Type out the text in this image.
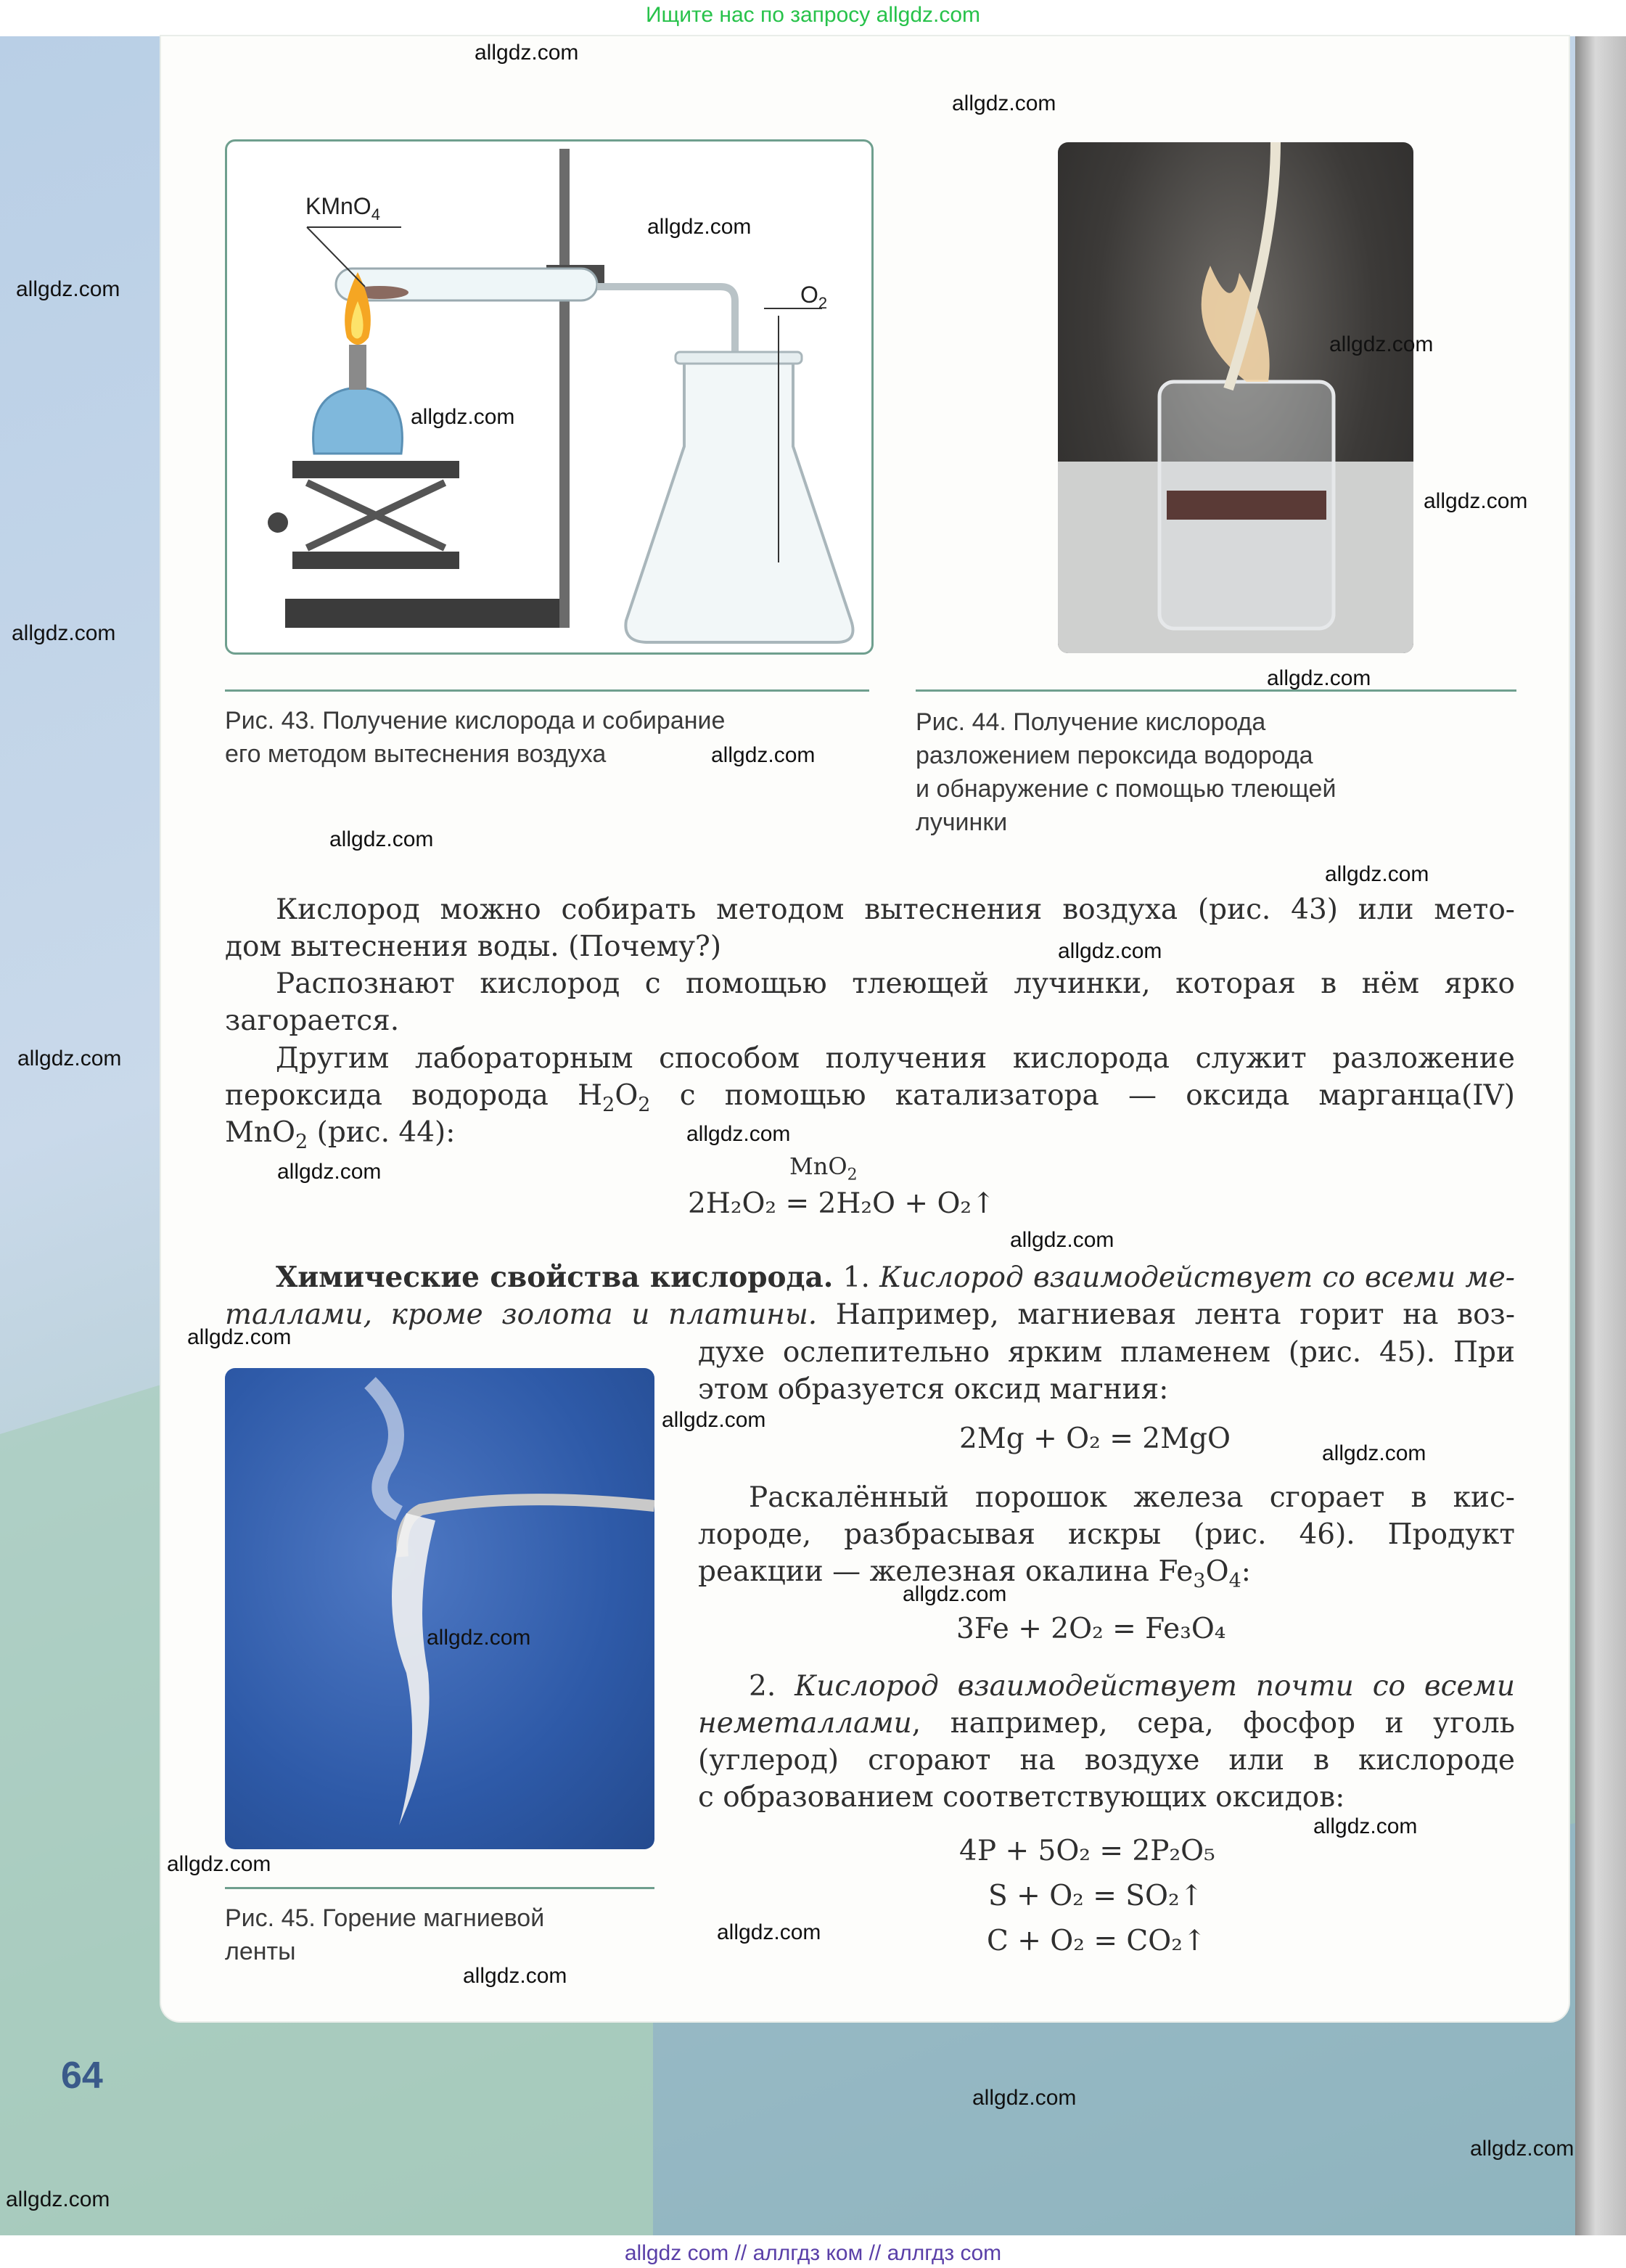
Ищите нас по запросу allgdz.com
KMnO$_4$
$O_2$
Рис. 43. Получение кислорода и собирание
его методом вытеснения воздуха
Рис. 44. Получение кислорода
разложением пероксида водорода
и обнаружение с помощью тлеющей
лучинки
Кислород можно собирать методом вытеснения воздуха (рис. 43) или мето-
дом вытеснения воды. (Почему?)
Распознают кислород с помощью тлеющей лучинки, которая в нём ярко
загорается.
Другим лабораторным способом получения кислорода служит разложение
пероксида водорода $H_2O_2$ с помощью катализатора — оксида марганца(IV)
MnO$_2$ (рис. 44):
MnO$_2$
2H₂O₂ = 2H₂O + O₂↑
Химические свойства кислорода. 1. Кислород взаимодействует со всеми ме-
таллами, кроме золота и платины. Например, магниевая лента горит на воз-
духе ослепительно ярким пламенем (рис. 45). При
этом образуется оксид магния:
Рис. 45. Горение магниевой
ленты
2Mg + O₂ = 2MgO
Раскалённый порошок железа сгорает в кис-
лороде, разбрасывая искры (рис. 46). Продукт
реакции — железная окалина $Fe_3O_4$:
3Fe + 2O₂ = Fe₃O₄
2. Кислород взаимодействует почти со всеми
неметаллами, например, сера, фосфор и уголь
(углерод) сгорают на воздухе или в кислороде
с образованием соответствующих оксидов:
4P + 5O₂ = 2P₂O₅
S + O₂ = SO₂↑
C + O₂ = CO₂↑
64
allgdz.com
allgdz.com
allgdz.com
allgdz.com
allgdz.com
allgdz.com
allgdz.com
allgdz.com
allgdz.com
allgdz.com
allgdz.com
allgdz.com
allgdz.com
allgdz.com
allgdz.com
allgdz.com
allgdz.com
allgdz.com
allgdz.com
allgdz.com
allgdz.com
allgdz.com
allgdz.com
allgdz.com
allgdz.com
allgdz.com
allgdz.com
allgdz.com
allgdz.com
allgdz com // аллгдз ком // аллгдз com
